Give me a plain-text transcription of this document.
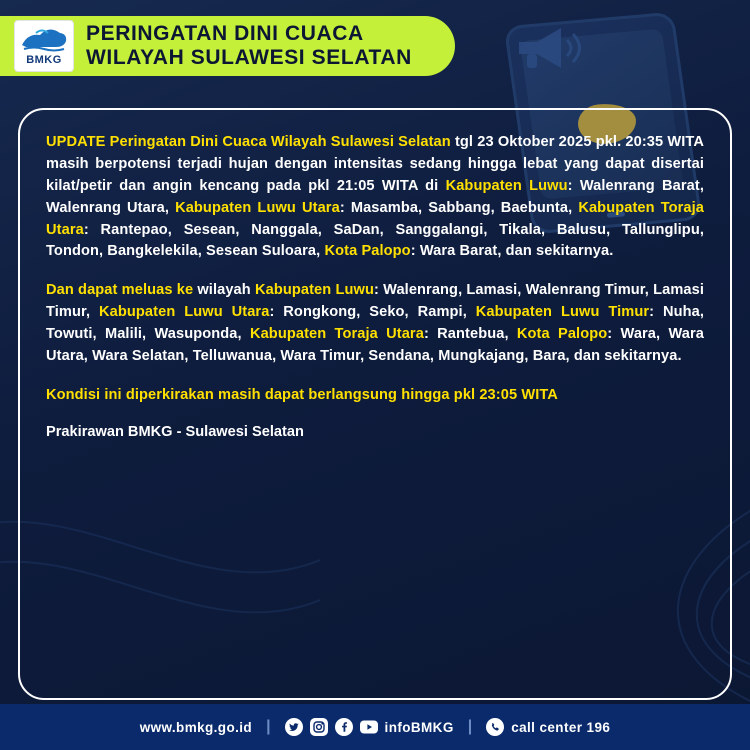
BMKG
PERINGATAN DINI CUACA
WILAYAH SULAWESI SELATAN

UPDATE Peringatan Dini Cuaca Wilayah Sulawesi Selatan tgl 23 Oktober 2025 pkl. 20:35 WITA masih berpotensi terjadi hujan dengan intensitas sedang hingga lebat yang dapat disertai kilat/petir dan angin kencang pada pkl 21:05 WITA di Kabupaten Luwu: Walenrang Barat, Walenrang Utara, Kabupaten Luwu Utara: Masamba, Sabbang, Baebunta, Kabupaten Toraja Utara: Rantepao, Sesean, Nanggala, SaDan, Sanggalangi, Tikala, Balusu, Tallunglipu, Tondon, Bangkelekila, Sesean Suloara, Kota Palopo: Wara Barat, dan sekitarnya.

Dan dapat meluas ke wilayah Kabupaten Luwu: Walenrang, Lamasi, Walenrang Timur, Lamasi Timur, Kabupaten Luwu Utara: Rongkong, Seko, Rampi, Kabupaten Luwu Timur: Nuha, Towuti, Malili, Wasuponda, Kabupaten Toraja Utara: Rantebua, Kota Palopo: Wara, Wara Utara, Wara Selatan, Telluwanua, Wara Timur, Sendana, Mungkajang, Bara, dan sekitarnya.

Kondisi ini diperkirakan masih dapat berlangsung hingga pkl 23:05 WITA

Prakirawan BMKG - Sulawesi Selatan
www.bmkg.go.id |	infoBMKG |	call center 196
